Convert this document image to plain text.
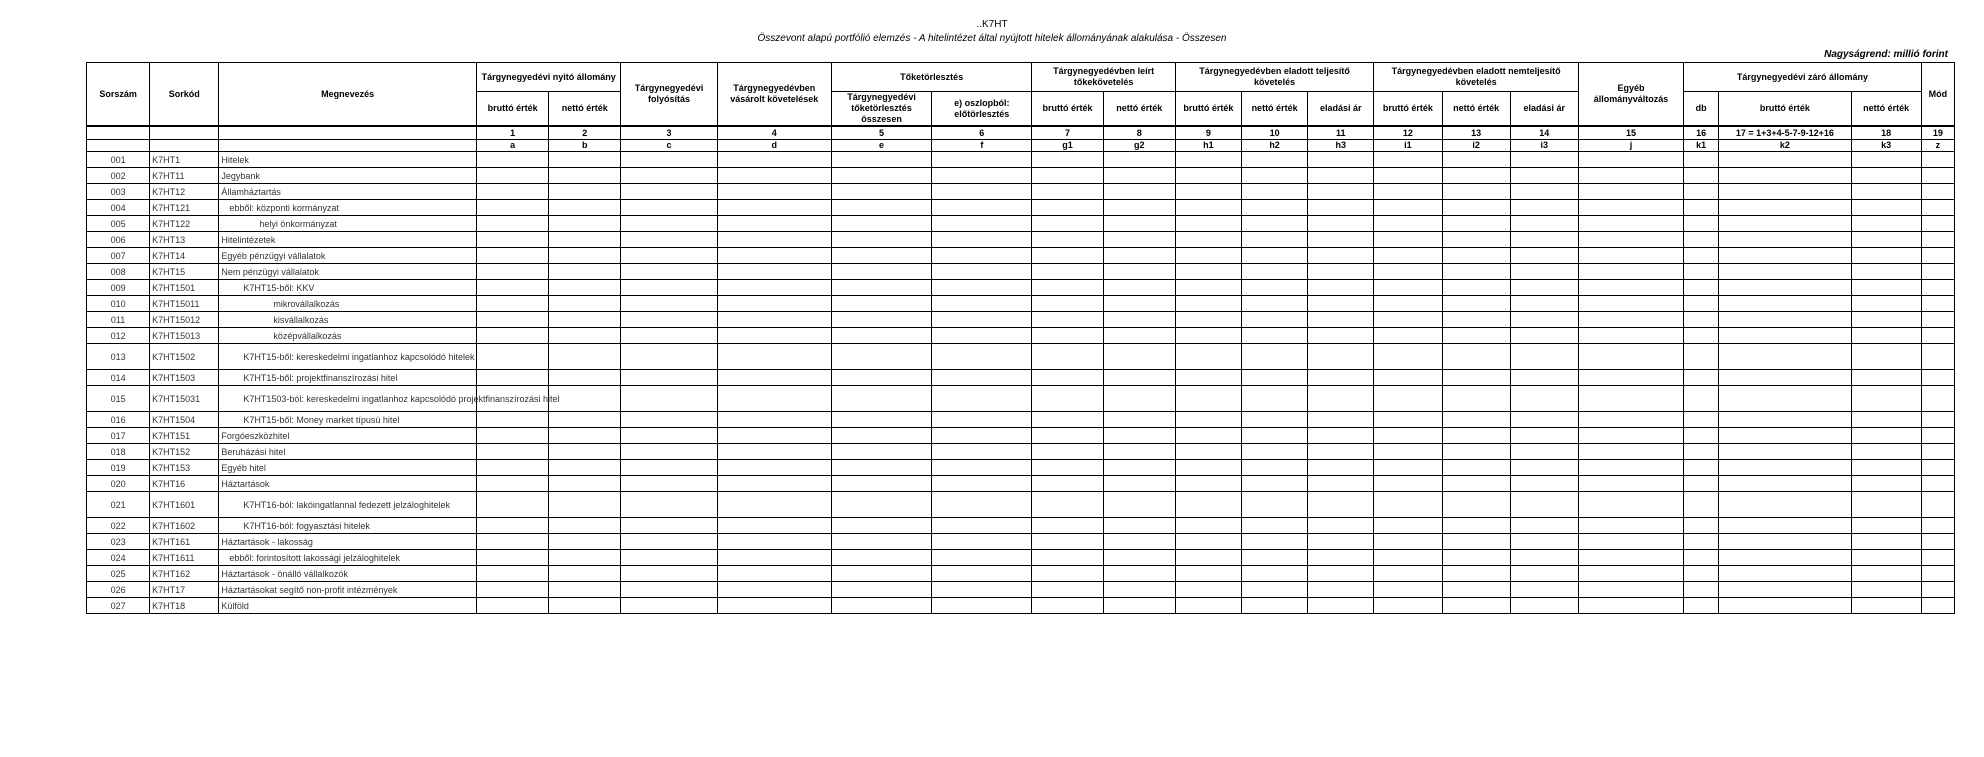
..K7HT
Összevont alapú portfólió elemzés - A hitelintézet által nyújtott hitelek állományának alakulása - Összesen
Nagyságrend: millió forint
Sorszám	Sorkód	Megnevezés	Tárgynegyedévi nyitó állomány		Tárgynegyedévi folyósítás	Tárgynegyedévben vásárolt követelések	Tőketörlesztés		Tárgynegyedévben leírt tőkekövetelés		Tárgynegyedévben eladott teljesítő követelés			Tárgynegyedévben eladott nemteljesítő követelés			Egyéb állományváltozás	Tárgynegyedévi záró állomány			Mód
			bruttó érték	nettó érték			Tárgynegyedévi tőketörlesztés összesen	e) oszlopból: előtörlesztés	bruttó érték	nettó érték	bruttó érték	nettó érték	eladási ár	bruttó érték	nettó érték	eladási ár		db	bruttó érték	nettó érték	
			1	2	3	4	5	6	7	8	9	10	11	12	13	14	15	16	17 = 1+3+4-5-7-9-12+16	18	19
			a	b	c	d	e	f	g1	g2	h1	h2	h3	i1	i2	i3	j	k1	k2	k3	z
001	K7HT1	Hitelek																			
002	K7HT11	Jegybank																			
003	K7HT12	Államháztartás																			
004	K7HT121	ebből: központi kormányzat																			
005	K7HT122	helyi önkormányzat																			
006	K7HT13	Hitelintézetek																			
007	K7HT14	Egyéb pénzügyi vállalatok																			
008	K7HT15	Nem pénzügyi vállalatok																			
009	K7HT1501	K7HT15-ből: KKV																			
010	K7HT15011	mikrovállalkozás																			
011	K7HT15012	kisvállalkozás																			
012	K7HT15013	középvállalkozás																			
013	K7HT1502	K7HT15-ből: kereskedelmi ingatlanhoz kapcsolódó hitelek																			
014	K7HT1503	K7HT15-ből: projektfinanszírozási hitel																			
015	K7HT15031	K7HT1503-ból: kereskedelmi ingatlanhoz kapcsolódó projektfinanszírozási hitel																			
016	K7HT1504	K7HT15-ből: Money market típusú hitel																			
017	K7HT151	Forgóeszközhitel																			
018	K7HT152	Beruházási hitel																			
019	K7HT153	Egyéb hitel																			
020	K7HT16	Háztartások																			
021	K7HT1601	K7HT16-ból: lakóingatlannal fedezett jelzáloghitelek																			
022	K7HT1602	K7HT16-ból: fogyasztási hitelek																			
023	K7HT161	Háztartások - lakosság																			
024	K7HT1611	ebből: forintosított lakossági jelzáloghitelek																			
025	K7HT162	Háztartások - önálló vállalkozók																			
026	K7HT17	Háztartásokat segítő non-profit intézmények																			
027	K7HT18	Külföld																			
